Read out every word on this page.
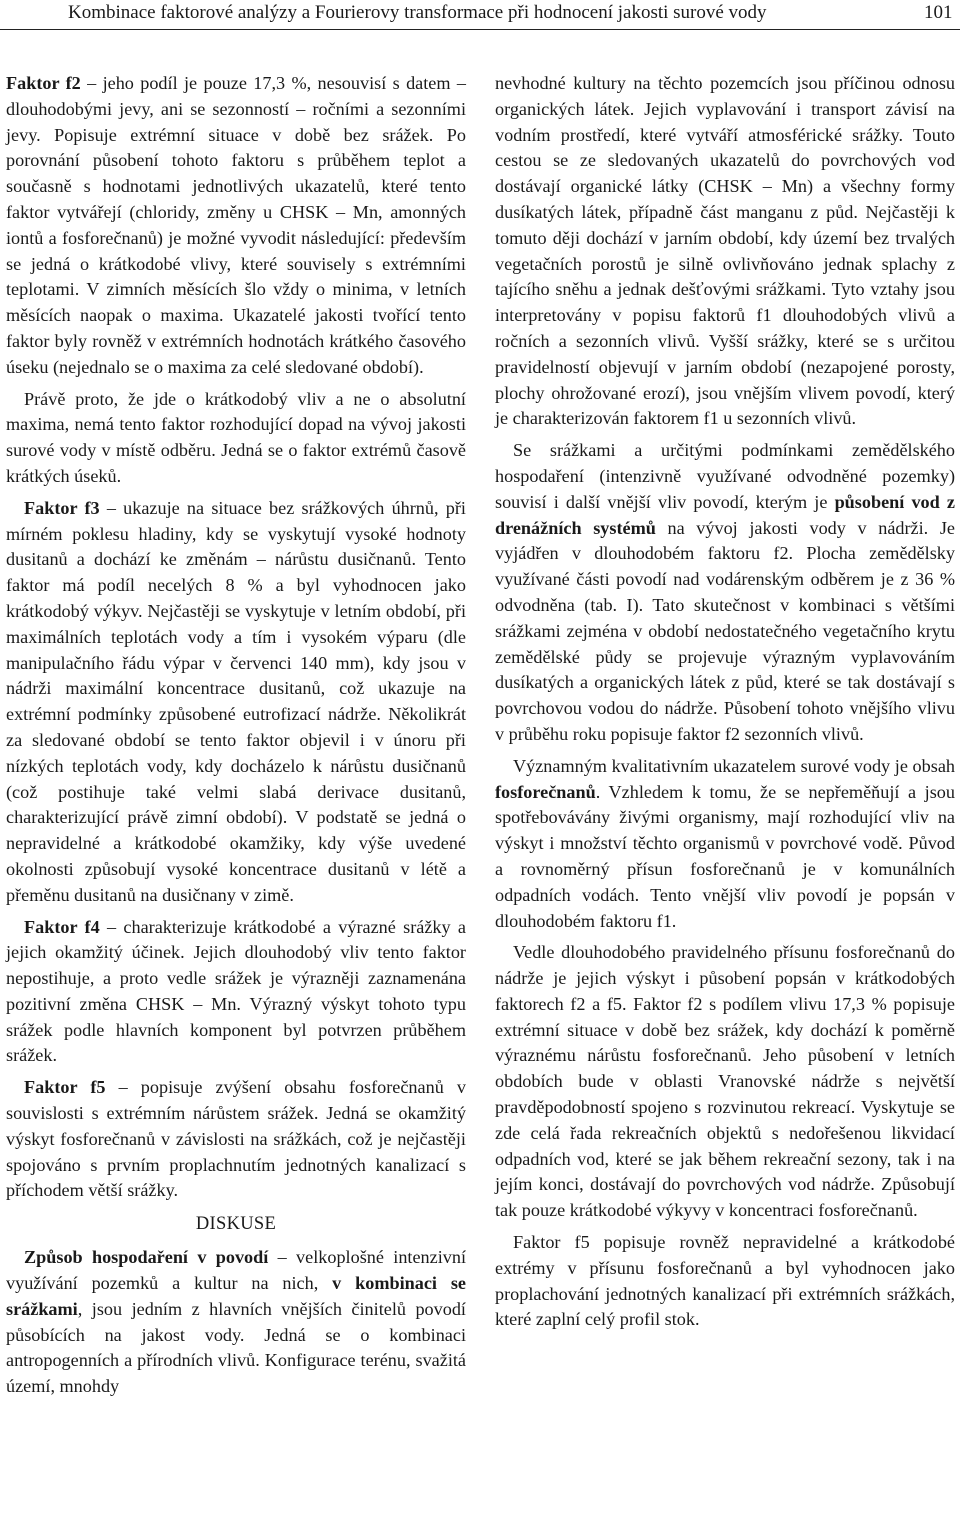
Kombinace faktorové analýzy a Fourierovy transformace při hodnocení jakosti surové vody	101

Faktor f2 – jeho podíl je pouze 17,3 %, nesouvisí s datem – dlouhodobými jevy, ani se sezonností – ročními a sezonními jevy. Popisuje extrémní situace v době bez srážek. Po porovnání působení tohoto faktoru s průběhem teplot a současně s hodnotami jednotlivých ukazatelů, které tento faktor vytvářejí (chloridy, změny u CHSK – Mn, amonných iontů a fosforečnanů) je možné vyvodit následující: především se jedná o krátkodobé vlivy, které souvisely s extrémními teplotami. V zimních měsících šlo vždy o minima, v letních měsících naopak o maxima. Ukazatelé jakosti tvořící tento faktor byly rovněž v extrémních hodnotách krátkého časového úseku (nejednalo se o maxima za celé sledované období).

Právě proto, že jde o krátkodobý vliv a ne o absolutní maxima, nemá tento faktor rozhodující dopad na vývoj jakosti surové vody v místě odběru. Jedná se o faktor extrémů časově krátkých úseků.

Faktor f3 – ukazuje na situace bez srážkových úhrnů, při mírném poklesu hladiny, kdy se vyskytují vysoké hodnoty dusitanů a dochází ke změnám – nárůstu dusičnanů. Tento faktor má podíl necelých 8 % a byl vyhodnocen jako krátkodobý výkyv. Nejčastěji se vyskytuje v letním období, při maximálních teplotách vody a tím i vysokém výparu (dle manipulačního řádu výpar v červenci 140 mm), kdy jsou v nádrži maximální koncentrace dusitanů, což ukazuje na extrémní podmínky způsobené eutrofizací nádrže. Několikrát za sledované období se tento faktor objevil i v únoru při nízkých teplotách vody, kdy docházelo k nárůstu dusičnanů (což postihuje také velmi slabá derivace dusitanů, charakterizující právě zimní období). V podstatě se jedná o nepravidelné a krátkodobé okamžiky, kdy výše uvedené okolnosti způsobují vysoké koncentrace dusitanů v létě a přeměnu dusitanů na dusičnany v zimě.

Faktor f4 – charakterizuje krátkodobé a výrazné srážky a jejich okamžitý účinek. Jejich dlouhodobý vliv tento faktor nepostihuje, a proto vedle srážek je výrazněji zaznamenána pozitivní změna CHSK – Mn. Výrazný výskyt tohoto typu srážek podle hlavních komponent byl potvrzen průběhem srážek.

Faktor f5 – popisuje zvýšení obsahu fosforečnanů v souvislosti s extrémním nárůstem srážek. Jedná se okamžitý výskyt fosforečnanů v závislosti na srážkách, což je nejčastěji spojováno s prvním proplachnutím jednotných kanalizací s příchodem větší srážky.

DISKUSE

Způsob hospodaření v povodí – velkoplošné intenzivní využívání pozemků a kultur na nich, v kombinaci se srážkami, jsou jedním z hlavních vnějších činitelů povodí působících na jakost vody. Jedná se o kombinaci antropogenních a přírodních vlivů. Konfigurace terénu, svažitá území, mnohdy

nevhodné kultury na těchto pozemcích jsou příčinou odnosu organických látek. Jejich vyplavování i transport závisí na vodním prostředí, které vytváří atmosférické srážky. Touto cestou se ze sledovaných ukazatelů do povrchových vod dostávají organické látky (CHSK – Mn) a všechny formy dusíkatých látek, případně část manganu z půd. Nejčastěji k tomuto ději dochází v jarním období, kdy území bez trvalých vegetačních porostů je silně ovlivňováno jednak splachy z tajícího sněhu a jednak dešťovými srážkami. Tyto vztahy jsou interpretovány v popisu faktorů f1 dlouhodobých vlivů a ročních a sezonních vlivů. Vyšší srážky, které se s určitou pravidelností objevují v jarním období (nezapojené porosty, plochy ohrožované erozí), jsou vnějším vlivem povodí, který je charakterizován faktorem f1 u sezonních vlivů.

Se srážkami a určitými podmínkami zemědělského hospodaření (intenzivně využívané odvodněné pozemky) souvisí i další vnější vliv povodí, kterým je působení vod z drenážních systémů na vývoj jakosti vody v nádrži. Je vyjádřen v dlouhodobém faktoru f2. Plocha zemědělsky využívané části povodí nad vodárenským odběrem je z 36 % odvodněna (tab. I). Tato skutečnost v kombinaci s většími srážkami zejména v období nedostatečného vegetačního krytu zemědělské půdy se projevuje výrazným vyplavováním dusíkatých a organických látek z půd, které se tak dostávají s povrchovou vodou do nádrže. Působení tohoto vnějšího vlivu v průběhu roku popisuje faktor f2 sezonních vlivů.

Významným kvalitativním ukazatelem surové vody je obsah fosforečnanů. Vzhledem k tomu, že se nepřeměňují a jsou spotřebovávány živými organismy, mají rozhodující vliv na výskyt i množství těchto organismů v povrchové vodě. Původ a rovnoměrný přísun fosforečnanů je v komunálních odpadních vodách. Tento vnější vliv povodí je popsán v dlouhodobém faktoru f1.

Vedle dlouhodobého pravidelného přísunu fosforečnanů do nádrže je jejich výskyt i působení popsán v krátkodobých faktorech f2 a f5. Faktor f2 s podílem vlivu 17,3 % popisuje extrémní situace v době bez srážek, kdy dochází k poměrně výraznému nárůstu fosforečnanů. Jeho působení v letních obdobích bude v oblasti Vranovské nádrže s největší pravděpodobností spojeno s rozvinutou rekreací. Vyskytuje se zde celá řada rekreačních objektů s nedořešenou likvidací odpadních vod, které se jak během rekreační sezony, tak i na jejím konci, dostávají do povrchových vod nádrže. Způsobují tak pouze krátkodobé výkyvy v koncentraci fosforečnanů.

Faktor f5 popisuje rovněž nepravidelné a krátkodobé extrémy v přísunu fosforečnanů a byl vyhodnocen jako proplachování jednotných kanalizací při extrémních srážkách, které zaplní celý profil stok.
